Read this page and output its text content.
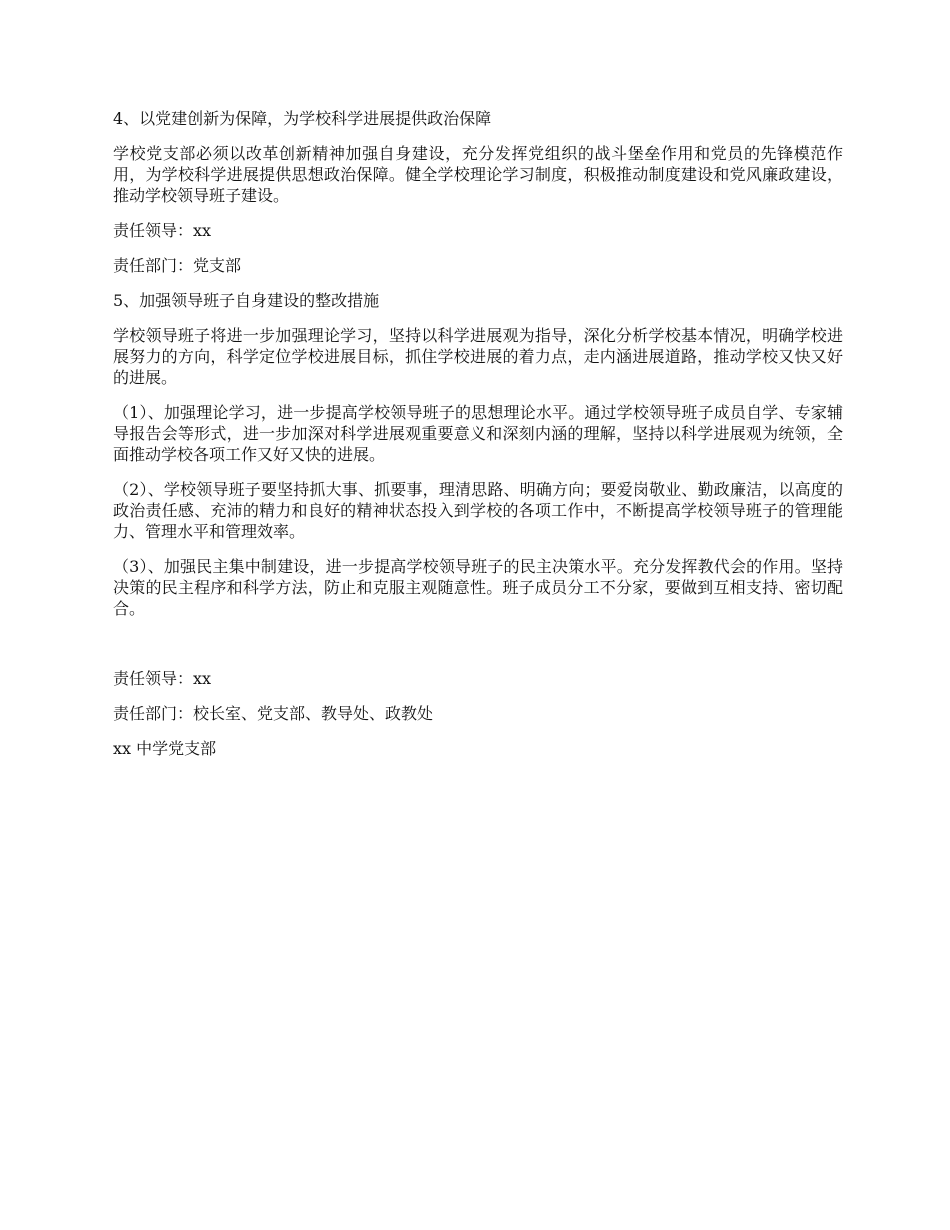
4、以党建创新为保障，为学校科学进展提供政治保障

学校党支部必须以改革创新精神加强自身建设，充分发挥党组织的战斗堡垒作用和党员的先锋模范作用，为学校科学进展提供思想政治保障。健全学校理论学习制度，积极推动制度建设和党风廉政建设，推动学校领导班子建设。

责任领导：xx

责任部门：党支部

5、加强领导班子自身建设的整改措施

学校领导班子将进一步加强理论学习，坚持以科学进展观为指导，深化分析学校基本情况，明确学校进展努力的方向，科学定位学校进展目标，抓住学校进展的着力点，走内涵进展道路，推动学校又快又好的进展。

（1）、加强理论学习，进一步提高学校领导班子的思想理论水平。通过学校领导班子成员自学、专家辅导报告会等形式，进一步加深对科学进展观重要意义和深刻内涵的理解，坚持以科学进展观为统领，全面推动学校各项工作又好又快的进展。

（2）、学校领导班子要坚持抓大事、抓要事，理清思路、明确方向；要爱岗敬业、勤政廉洁，以高度的政治责任感、充沛的精力和良好的精神状态投入到学校的各项工作中，不断提高学校领导班子的管理能力、管理水平和管理效率。

（3）、加强民主集中制建设，进一步提高学校领导班子的民主决策水平。充分发挥教代会的作用。坚持决策的民主程序和科学方法，防止和克服主观随意性。班子成员分工不分家，要做到互相支持、密切配合。

责任领导：xx

责任部门：校长室、党支部、教导处、政教处

xx 中学党支部
